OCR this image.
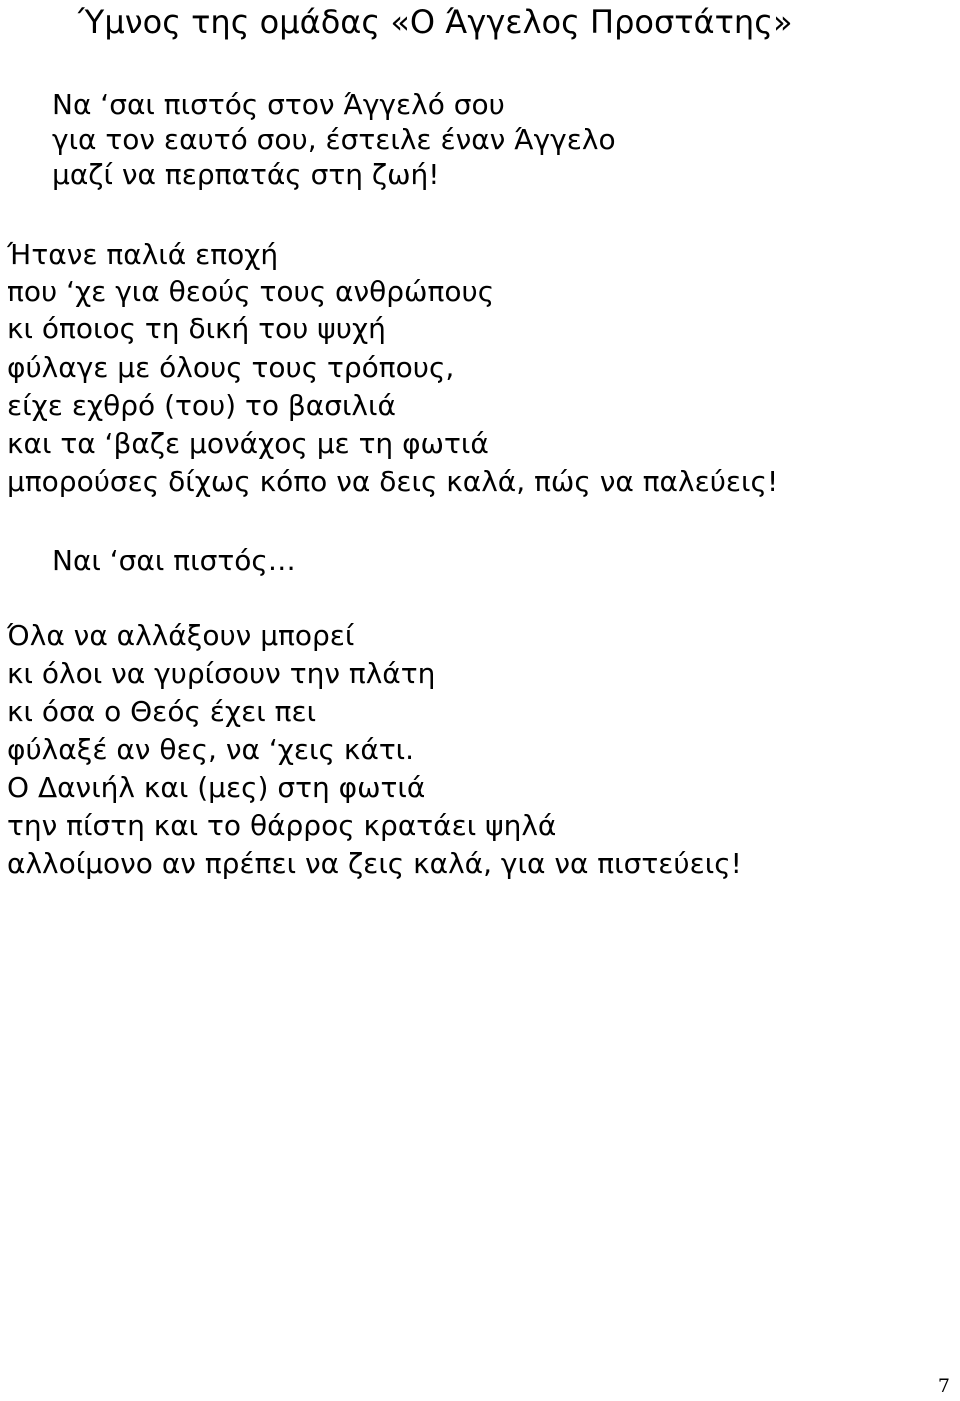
Ύμνος της ομάδας «Ο Άγγελος Προστάτης»

Να ‘σαι πιστός στον Άγγελό σου

για τον εαυτό σου, έστειλε έναν Άγγελο

μαζί να περπατάς στη ζωή!

Ήτανε παλιά εποχή

που ‘χε για θεούς τους ανθρώπους

κι όποιος τη δική του ψυχή

φύλαγε με όλους τους τρόπους,

είχε εχθρό (του) το βασιλιά

και τα ‘βαζε μονάχος με τη φωτιά

μπορούσες δίχως κόπο να δεις καλά, πώς να παλεύεις!

Ναι ‘σαι πιστός…

Όλα να αλλάξουν μπορεί

κι όλοι να γυρίσουν την πλάτη

κι όσα ο Θεός έχει πει

φύλαξέ αν θες, να ‘χεις κάτι.

Ο Δανιήλ και (μες) στη φωτιά

την πίστη και το θάρρος κρατάει ψηλά

αλλοίμονο αν πρέπει να ζεις καλά, για να πιστεύεις!

7
